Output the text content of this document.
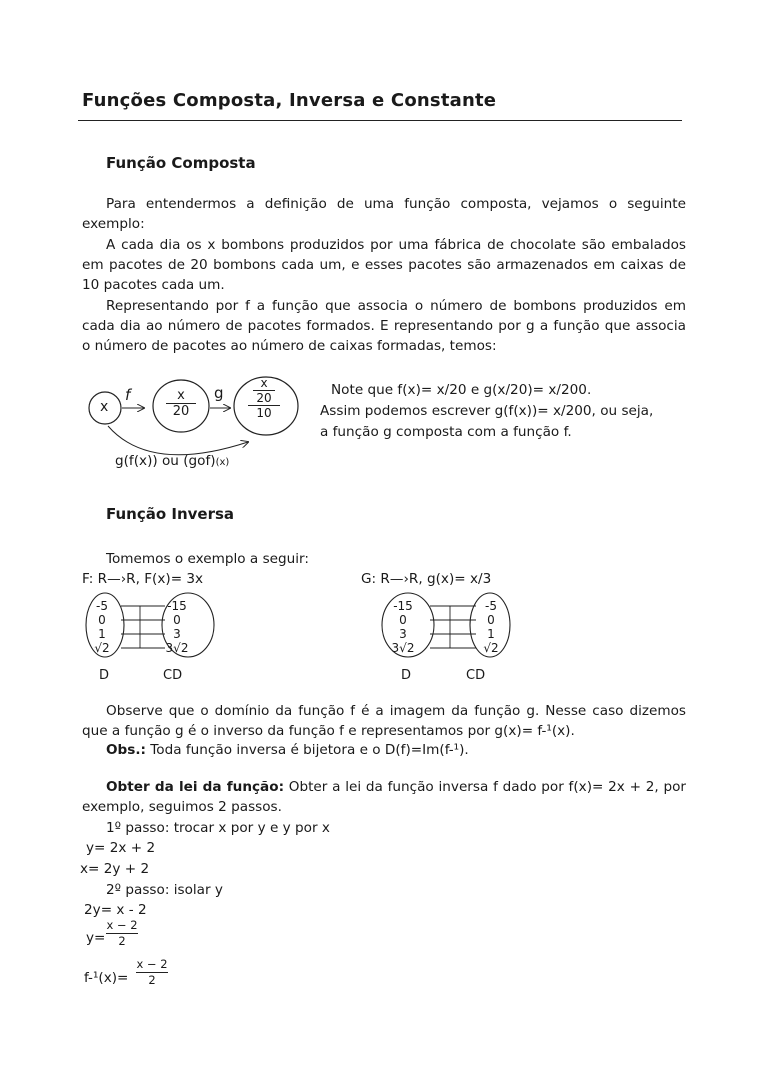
Funções Composta, Inversa e Constante
Função Composta
Para entendermos a definição de uma função composta, vejamos o seguinte exemplo:
A cada dia os x bombons produzidos por uma fábrica de chocolate são embalados em pacotes de 20 bombons cada um, e esses pacotes são armazenados em caixas de 10 pacotes cada um.
Representando por f a função que associa o número de bombons produzidos em cada dia ao número de pacotes formados. E representando por g a função que associa o número de pacotes ao número de caixas formadas, temos:
x
f	g
x
20
x
20
10
g(f(x)) ou (gof)(x)
Note que f(x)= x/20 e g(x/20)= x/200.
Assim podemos escrever g(f(x))= x/200, ou seja,
a função g composta com a função f.
Função Inversa
Tomemos o exemplo a seguir:
F: R—›R, F(x)= 3x	G: R—›R, g(x)= x/3
-5
0
1
√2
-15
0
3
3√2
D	CD
-15
0
3
3√2
-5
0
1
√2
D	CD
Observe que o domínio da função f é a imagem da função g. Nesse caso dizemos que a função g é o inverso da função f e representamos por g(x)= f-¹(x).
Obs.: Toda função inversa é bijetora e o D(f)=Im(f-¹).
Obter da lei da função: Obter a lei da função inversa f dado por f(x)= 2x + 2, por exemplo, seguimos 2 passos.
1º passo: trocar x por y e y por x
y= 2x + 2
x= 2y + 2
2º passo: isolar y
2y= x - 2
y=
x − 2
2
f-¹(x)=
x − 2
2
